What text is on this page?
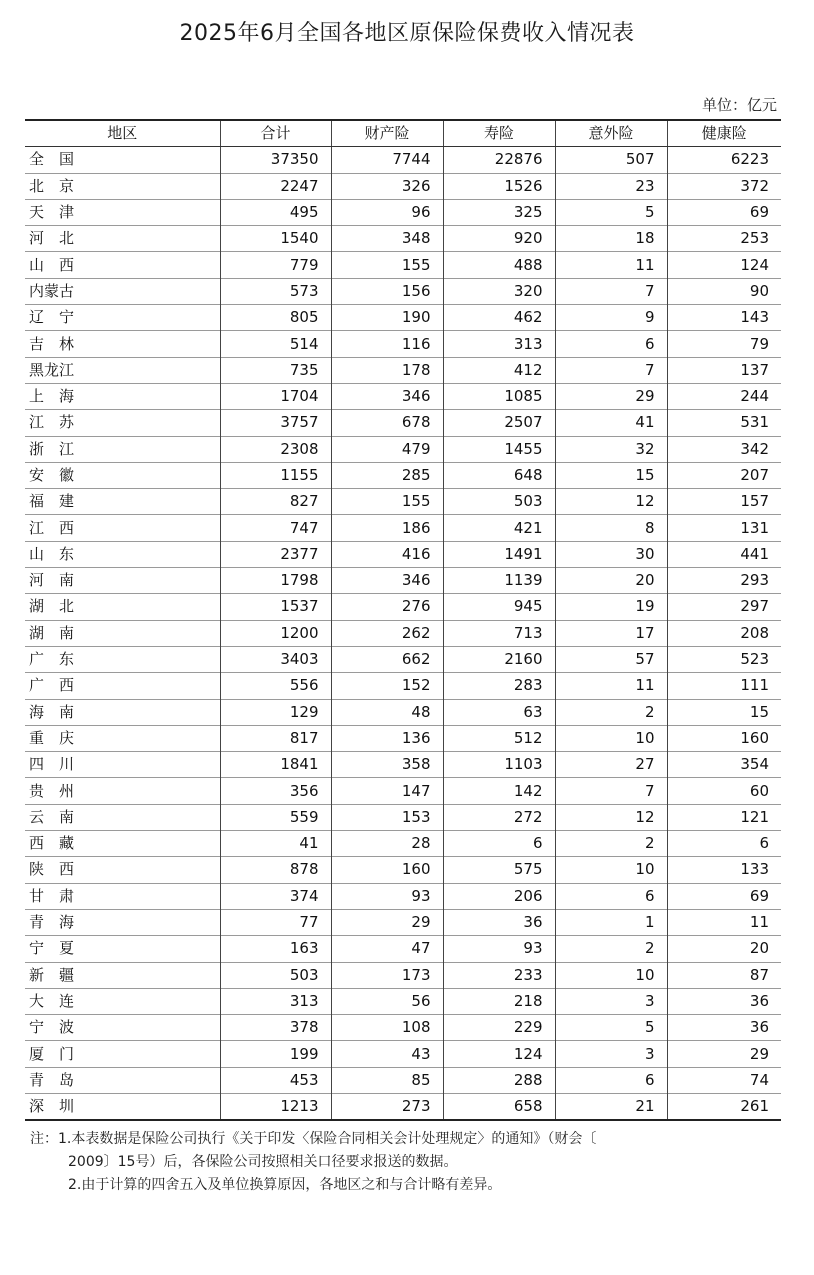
2025年6月全国各地区原保险保费收入情况表
单位：亿元
地区	合计	财产险	寿险	意外险	健康险
全　国	37350	7744	22876	507	6223
北　京	2247	326	1526	23	372
天　津	495	96	325	5	69
河　北	1540	348	920	18	253
山　西	779	155	488	11	124
内蒙古	573	156	320	7	90
辽　宁	805	190	462	9	143
吉　林	514	116	313	6	79
黑龙江	735	178	412	7	137
上　海	1704	346	1085	29	244
江　苏	3757	678	2507	41	531
浙　江	2308	479	1455	32	342
安　徽	1155	285	648	15	207
福　建	827	155	503	12	157
江　西	747	186	421	8	131
山　东	2377	416	1491	30	441
河　南	1798	346	1139	20	293
湖　北	1537	276	945	19	297
湖　南	1200	262	713	17	208
广　东	3403	662	2160	57	523
广　西	556	152	283	11	111
海　南	129	48	63	2	15
重　庆	817	136	512	10	160
四　川	1841	358	1103	27	354
贵　州	356	147	142	7	60
云　南	559	153	272	12	121
西　藏	41	28	6	2	6
陕　西	878	160	575	10	133
甘　肃	374	93	206	6	69
青　海	77	29	36	1	11
宁　夏	163	47	93	2	20
新　疆	503	173	233	10	87
大　连	313	56	218	3	36
宁　波	378	108	229	5	36
厦　门	199	43	124	3	29
青　岛	453	85	288	6	74
深　圳	1213	273	658	21	261
注：1.本表数据是保险公司执行《关于印发〈保险合同相关会计处理规定〉的通知》（财会〔
2009〕15号）后，各保险公司按照相关口径要求报送的数据。
2.由于计算的四舍五入及单位换算原因，各地区之和与合计略有差异。
